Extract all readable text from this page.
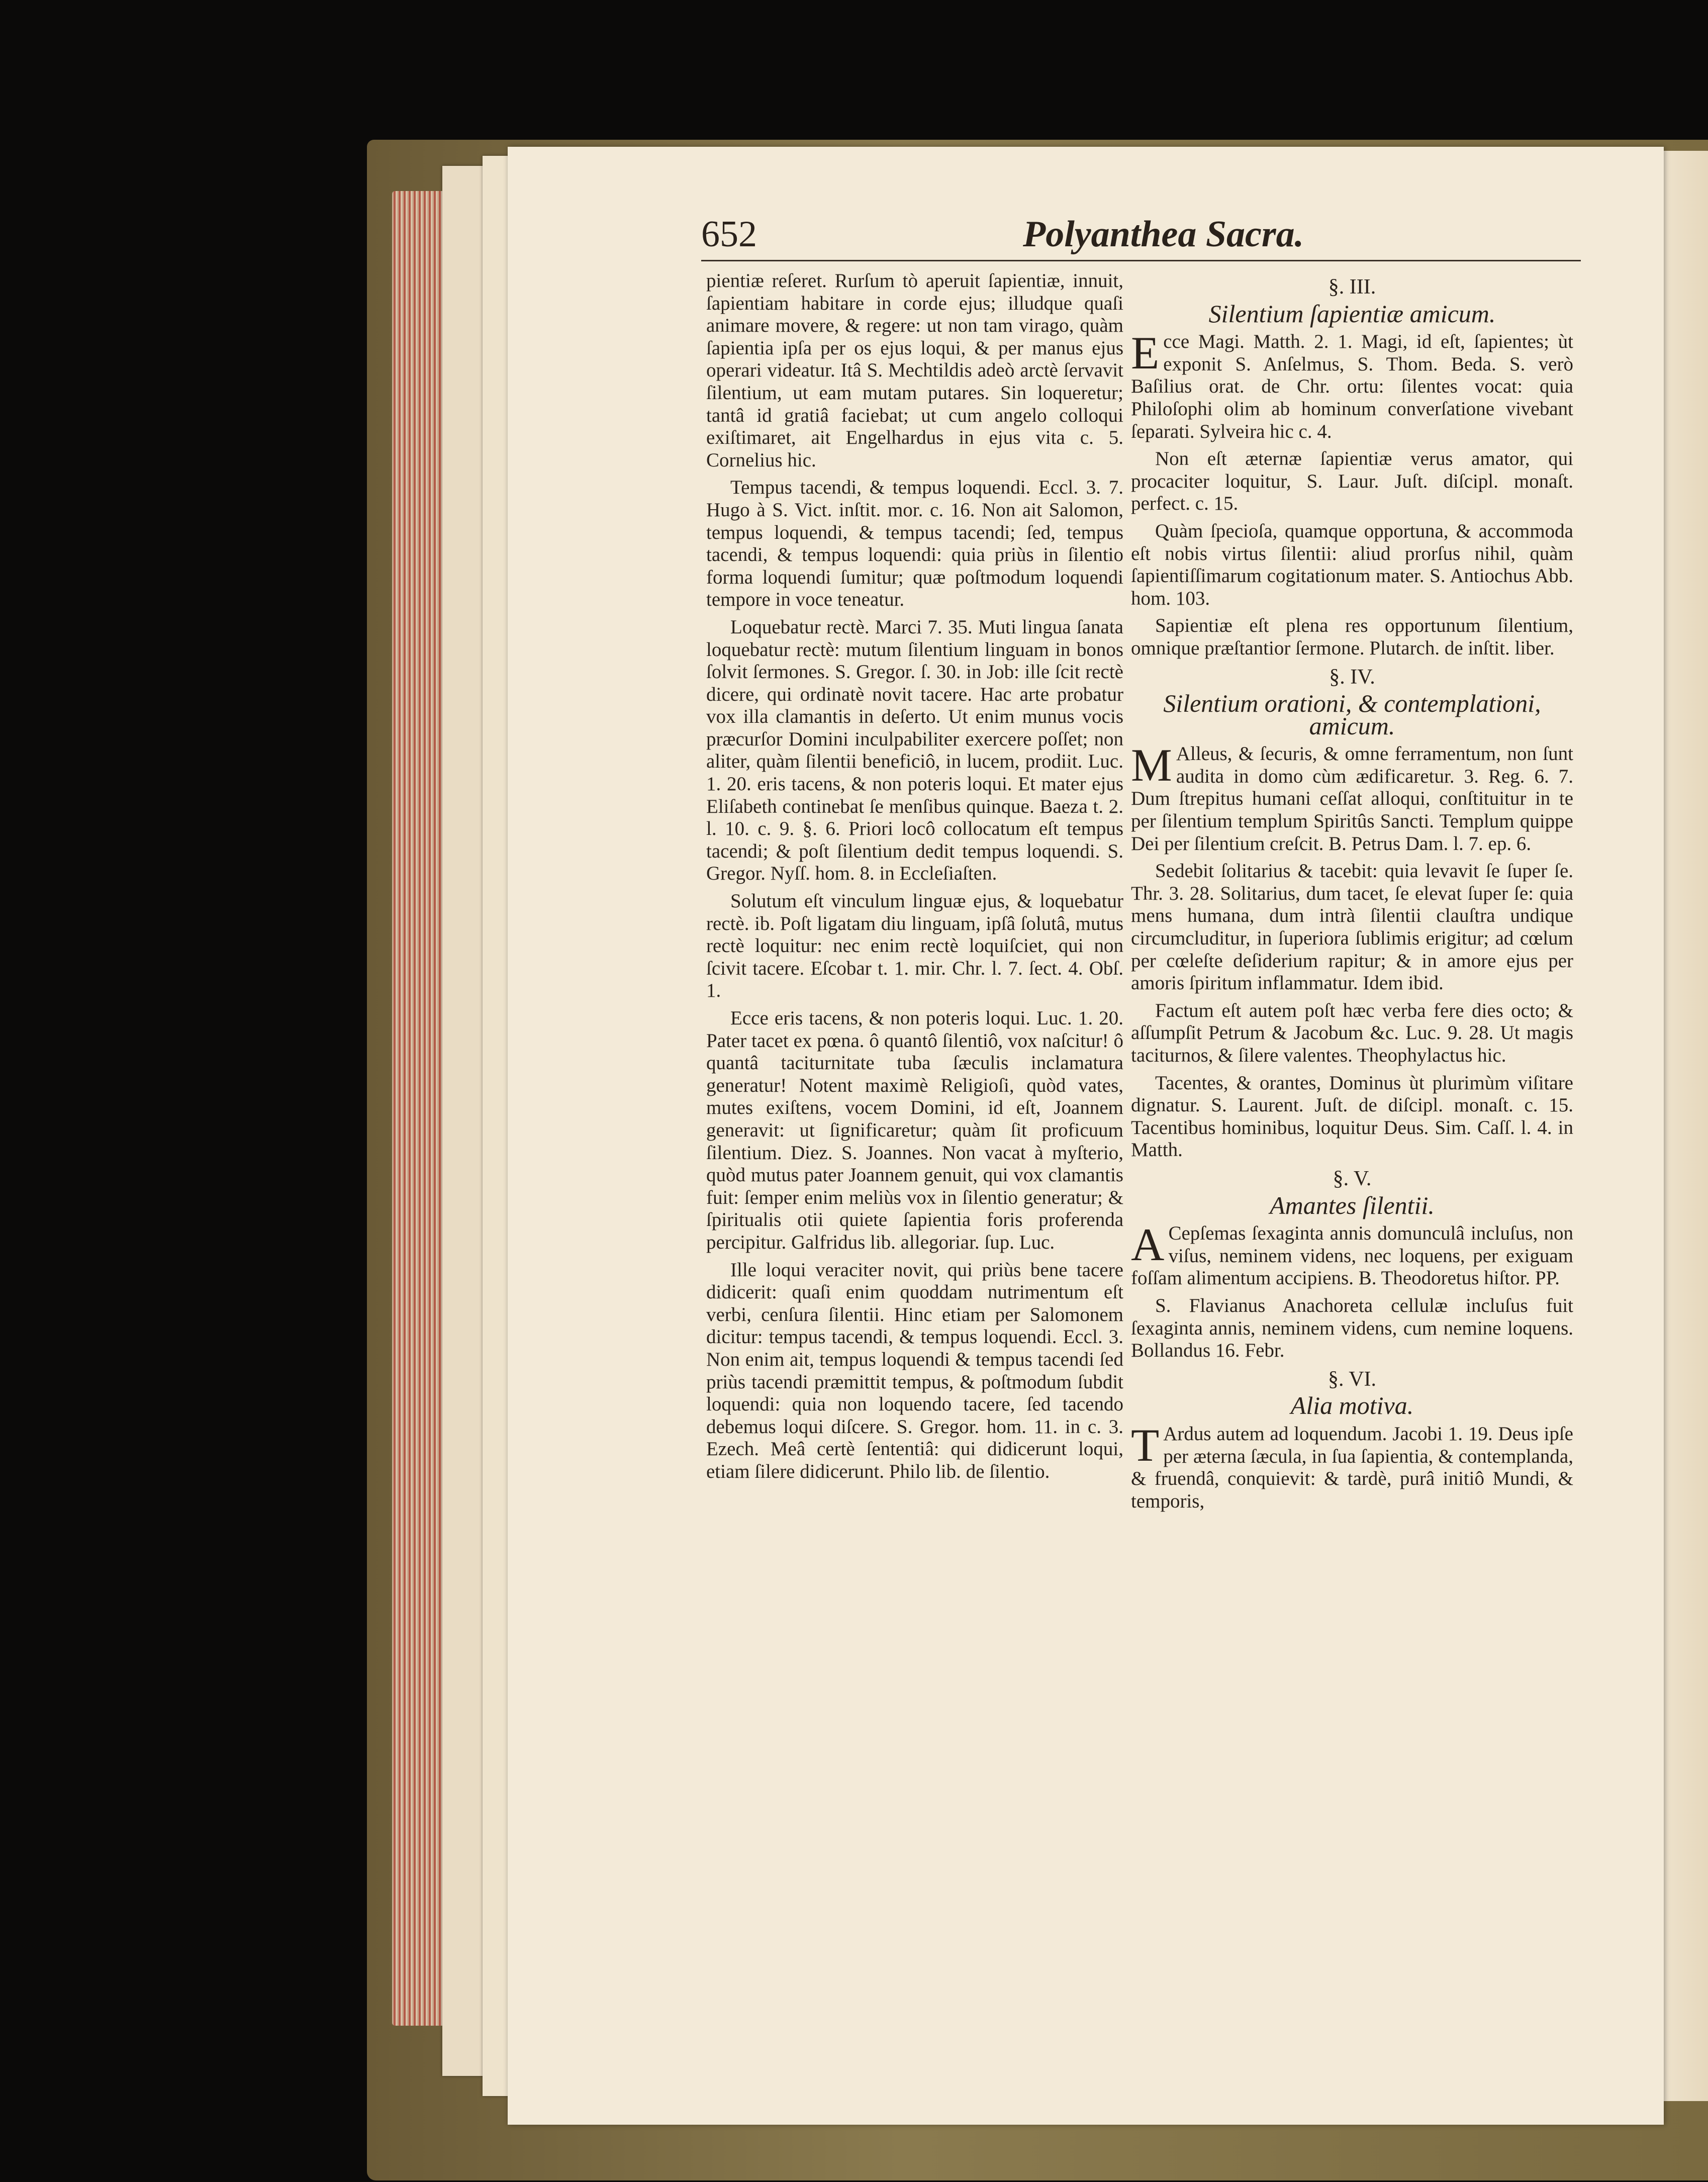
652	Polyanthea Sacra.

pientiæ reſeret. Rurſum tò aperuit ſapientiæ, innuit, ſapientiam habitare in corde ejus; illudque quaſi animare movere, & regere: ut non tam virago, quàm ſapientia ipſa per os ejus loqui, & per manus ejus operari videatur. Itâ S. Mechtildis adeò arctè ſervavit ſilentium, ut eam mutam putares. Sin loqueretur; tantâ id gratiâ faciebat; ut cum angelo colloqui exiſtimaret, ait Engelhardus in ejus vita c. 5. Cornelius hic.

Tempus tacendi, & tempus loquendi. Eccl. 3. 7. Hugo à S. Vict. inſtit. mor. c. 16. Non ait Salomon, tempus loquendi, & tempus tacendi; ſed, tempus tacendi, & tempus loquendi: quia priùs in ſilentio forma loquendi ſumitur; quæ poſtmodum loquendi tempore in voce teneatur.

Loquebatur rectè. Marci 7. 35. Muti lingua ſanata loquebatur rectè: mutum ſilentium linguam in bonos ſolvit ſermones. S. Gregor. ſ. 30. in Job: ille ſcit rectè dicere, qui ordinatè novit tacere. Hac arte probatur vox illa clamantis in deſerto. Ut enim munus vocis præcurſor Domini inculpabiliter exercere poſſet; non aliter, quàm ſilentii beneficiô, in lucem, prodiit. Luc. 1. 20. eris tacens, & non poteris loqui. Et mater ejus Eliſabeth continebat ſe menſibus quinque. Baeza t. 2. l. 10. c. 9. §. 6. Priori locô collocatum eſt tempus tacendi; & poſt ſilentium dedit tempus loquendi. S. Gregor. Nyſſ. hom. 8. in Eccleſiaſten.

Solutum eſt vinculum linguæ ejus, & loquebatur rectè. ib. Poſt ligatam diu linguam, ipſâ ſolutâ, mutus rectè loquitur: nec enim rectè loquiſciet, qui non ſcivit tacere. Eſcobar t. 1. mir. Chr. l. 7. ſect. 4. Obſ. 1.

Ecce eris tacens, & non poteris loqui. Luc. 1. 20. Pater tacet ex pœna. ô quantô ſilentiô, vox naſcitur! ô quantâ taciturnitate tuba ſæculis inclamatura generatur! Notent maximè Religioſi, quòd vates, mutes exiſtens, vocem Domini, id eſt, Joannem generavit: ut ſignificaretur; quàm ſit proficuum ſilentium. Diez. S. Joannes. Non vacat à myſterio, quòd mutus pater Joannem genuit, qui vox clamantis fuit: ſemper enim meliùs vox in ſilentio generatur; & ſpiritualis otii quiete ſapientia foris proferenda percipitur. Galfridus lib. allegoriar. ſup. Luc.

Ille loqui veraciter novit, qui priùs bene tacere didicerit: quaſi enim quoddam nutrimentum eſt verbi, cenſura ſilentii. Hinc etiam per Salomonem dicitur: tempus tacendi, & tempus loquendi. Eccl. 3. Non enim ait, tempus loquendi & tempus tacendi ſed priùs tacendi præmittit tempus, & poſtmodum ſubdit loquendi: quia non loquendo tacere, ſed tacendo debemus loqui diſcere. S. Gregor. hom. 11. in c. 3. Ezech. Meâ certè ſententiâ: qui didicerunt loqui, etiam ſilere didicerunt. Philo lib. de ſilentio.

§. III.
Silentium ſapientiæ amicum.

Ecce Magi. Matth. 2. 1. Magi, id eſt, ſapientes; ùt exponit S. Anſelmus, S. Thom. Beda. S. verò Baſilius orat. de Chr. ortu: ſilentes vocat: quia Philoſophi olim ab hominum converſatione vivebant ſeparati. Sylveira hic c. 4.

Non eſt æternæ ſapientiæ verus amator, qui procaciter loquitur, S. Laur. Juſt. diſcipl. monaſt. perfect. c. 15.

Quàm ſpecioſa, quamque opportuna, & accommoda eſt nobis virtus ſilentii: aliud prorſus nihil, quàm ſapientiſſimarum cogitationum mater. S. Antiochus Abb. hom. 103.

Sapientiæ eſt plena res opportunum ſilentium, omnique præſtantior ſermone. Plutarch. de inſtit. liber.

§. IV.
Silentium orationi, & contemplationi, amicum.

M Alleus, & ſecuris, & omne ferramentum, non ſunt audita in domo cùm ædificaretur. 3. Reg. 6. 7. Dum ſtrepitus humani ceſſat alloqui, conſtituitur in te per ſilentium templum Spiritûs Sancti. Templum quippe Dei per ſilentium creſcit. B. Petrus Dam. l. 7. ep. 6.

Sedebit ſolitarius & tacebit: quia levavit ſe ſuper ſe. Thr. 3. 28. Solitarius, dum tacet, ſe elevat ſuper ſe: quia mens humana, dum intrà ſilentii clauſtra undique circumcluditur, in ſuperiora ſublimis erigitur; ad cœlum per cœleſte deſiderium rapitur; & in amore ejus per amoris ſpiritum inflammatur. Idem ibid.

Factum eſt autem poſt hæc verba fere dies octo; & aſſumpſit Petrum & Jacobum &c. Luc. 9. 28. Ut magis taciturnos, & ſilere valentes. Theophylactus hic.

Tacentes, & orantes, Dominus ùt plurimùm viſitare dignatur. S. Laurent. Juſt. de diſcipl. monaſt. c. 15. Tacentibus hominibus, loquitur Deus. Sim. Caſſ. l. 4. in Matth.

§. V.
Amantes ſilentii.

A Cepſemas ſexaginta annis domunculâ incluſus, non viſus, neminem videns, nec loquens, per exiguam foſſam alimentum accipiens. B. Theodoretus hiſtor. PP.

S. Flavianus Anachoreta cellulæ incluſus fuit ſexaginta annis, neminem videns, cum nemine loquens. Bollandus 16. Febr.

§. VI.
Alia motiva.

T Ardus autem ad loquendum. Jacobi 1. 19. Deus ipſe per æterna ſæcula, in ſua ſapientia, & contemplanda, & fruendâ, conquievit: & tardè, purâ initiô Mundi, & temporis,
